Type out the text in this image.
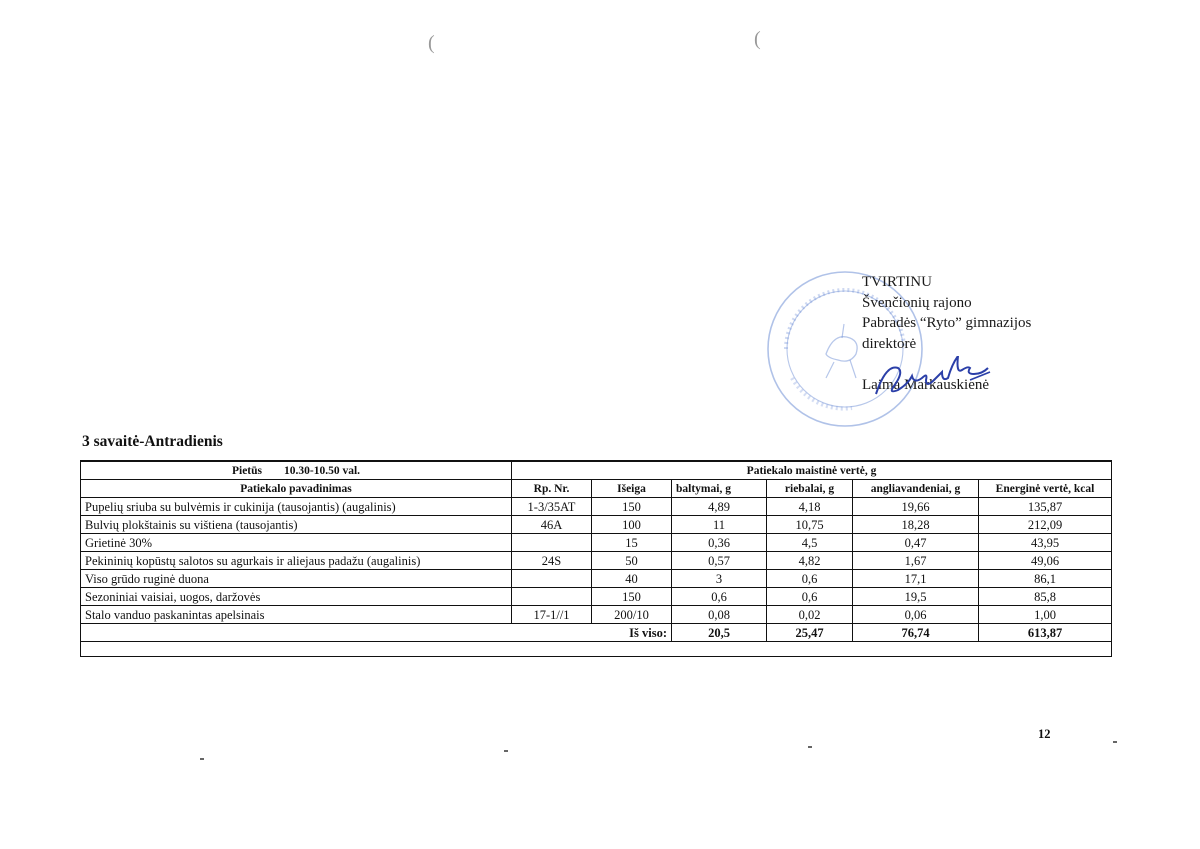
(	(
TVIRTINU
Švenčionių rajono
Pabradės “Ryto” gimnazijos
direktorė
Laima Markauskienė
3 savaitė-Antradienis
Pietūs 10.30-10.50 val.	Patiekalo maistinė vertė, g					
Patiekalo pavadinimas	Rp. Nr.	Išeiga	baltymai, g	riebalai, g	angliavandeniai, g	Energinė vertė, kcal
Pupelių sriuba su bulvėmis ir cukinija (tausojantis) (augalinis)	1-3/35AT	150	4,89	4,18	19,66	135,87
Bulvių plokštainis su vištiena (tausojantis)	46A	100	11	10,75	18,28	212,09
Grietinė 30%		15	0,36	4,5	0,47	43,95
Pekininių kopūstų salotos su agurkais ir aliejaus padažu (augalinis)	24S	50	0,57	4,82	1,67	49,06
Viso grūdo ruginė duona		40	3	0,6	17,1	86,1
Sezoniniai vaisiai, uogos, daržovės		150	0,6	0,6	19,5	85,8
Stalo vanduo paskanintas apelsinais	17-1//1	200/10	0,08	0,02	0,06	1,00
Iš viso:			20,5	25,47	76,74	613,87

12
